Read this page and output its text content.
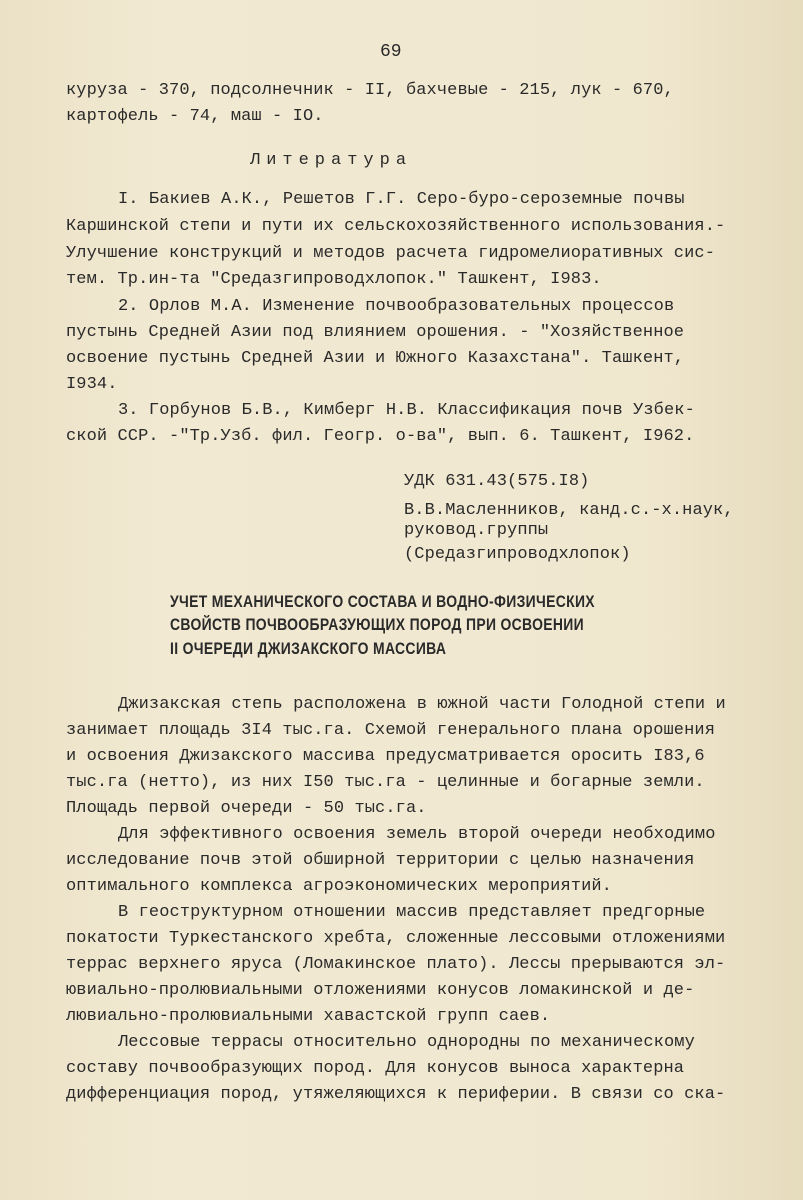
69
куруза - 370, подсолнечник - II, бахчевые - 215, лук - 670,
картофель - 74, маш - IO.
Литература
I. Бакиев А.К., Решетов Г.Г. Серо-буро-сероземные почвы
Каршинской степи и пути их сельскохозяйственного использования.-
Улучшение конструкций и методов расчета гидромелиоративных сис-
тем. Тр.ин-та "Средазгипроводхлопок." Ташкент, I983.
2. Орлов М.А. Изменение почвообразовательных процессов
пустынь Средней Азии под влиянием орошения. - "Хозяйственное
освоение пустынь Средней Азии и Южного Казахстана". Ташкент,
I934.
3. Горбунов Б.В., Кимберг Н.В. Классификация почв Узбек-
ской ССР. -"Тр.Узб. фил. Геогр. о-ва", вып. 6. Ташкент, I962.
УДК 631.43(575.I8)
В.В.Масленников, канд.с.-х.наук,
руковод.группы
(Средазгипроводхлопок)
УЧЕТ МЕХАНИЧЕСКОГО СОСТАВА И ВОДНО-ФИЗИЧЕСКИХ
СВОЙСТВ ПОЧВООБРАЗУЮЩИХ ПОРОД ПРИ ОСВОЕНИИ
II ОЧЕРЕДИ ДЖИЗАКСКОГО МАССИВА
Джизакская степь расположена в южной части Голодной степи и
занимает площадь 3I4 тыс.га. Схемой генерального плана орошения
и освоения Джизакского массива предусматривается оросить I83,6
тыс.га (нетто), из них I50 тыс.га - целинные и богарные земли.
Площадь первой очереди - 50 тыс.га.
Для эффективного освоения земель второй очереди необходимо
исследование почв этой обширной территории с целью назначения
оптимального комплекса агроэкономических мероприятий.
В геоструктурном отношении массив представляет предгорные
покатости Туркестанского хребта, сложенные лессовыми отложениями
террас верхнего яруса (Ломакинское плато). Лессы прерываются эл-
ювиально-пролювиальными отложениями конусов ломакинской и де-
лювиально-пролювиальными хавастской групп саев.
Лессовые террасы относительно однородны по механическому
составу почвообразующих пород. Для конусов выноса характерна
дифференциация пород, утяжеляющихся к периферии. В связи со ска-
